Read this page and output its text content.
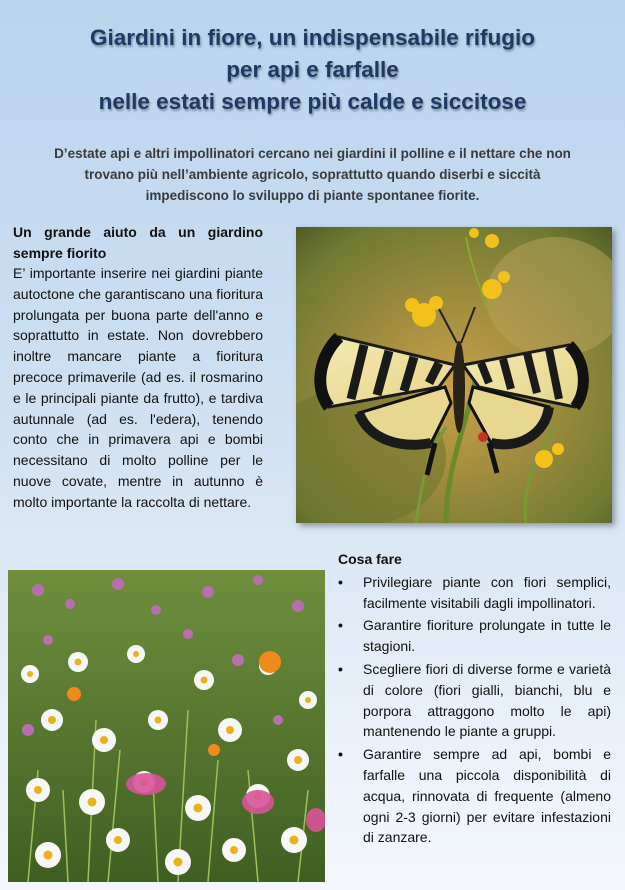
Giardini in fiore, un indispensabile rifugio
per api e farfalle
nelle estati sempre più calde e siccitose
D’estate api e altri impollinatori cercano nei giardini il polline e il nettare che non
trovano più nell’ambiente agricolo, soprattutto quando diserbi e siccità
impediscono lo sviluppo di piante spontanee fiorite.
Un grande aiuto da un giardino sempre fiorito

E’ importante inserire nei giardini piante autoctone che garantiscano una fioritura prolungata per buona parte dell'anno e soprattutto in estate. Non dovrebbero inoltre mancare piante a fioritura precoce primaverile (ad es. il rosmarino e le principali piante da frutto), e tardiva autunnale (ad es. l'edera), tenendo conto che in primavera api e bombi necessitano di molto polline per le nuove covate, mentre in autunno è molto importante la raccolta di nettare.

Cosa fare
• Privilegiare piante con fiori semplici, facilmente visitabili dagli impollinatori.
• Garantire fioriture prolungate in tutte le stagioni.
• Scegliere fiori di diverse forme e varietà di colore (fiori gialli, bianchi, blu e porpora attraggono molto le api) mantenendo le piante a gruppi.
• Garantire sempre ad api, bombi e farfalle una piccola disponibilità di acqua, rinnovata di frequente (almeno ogni 2-3 giorni) per evitare infestazioni di zanzare.
